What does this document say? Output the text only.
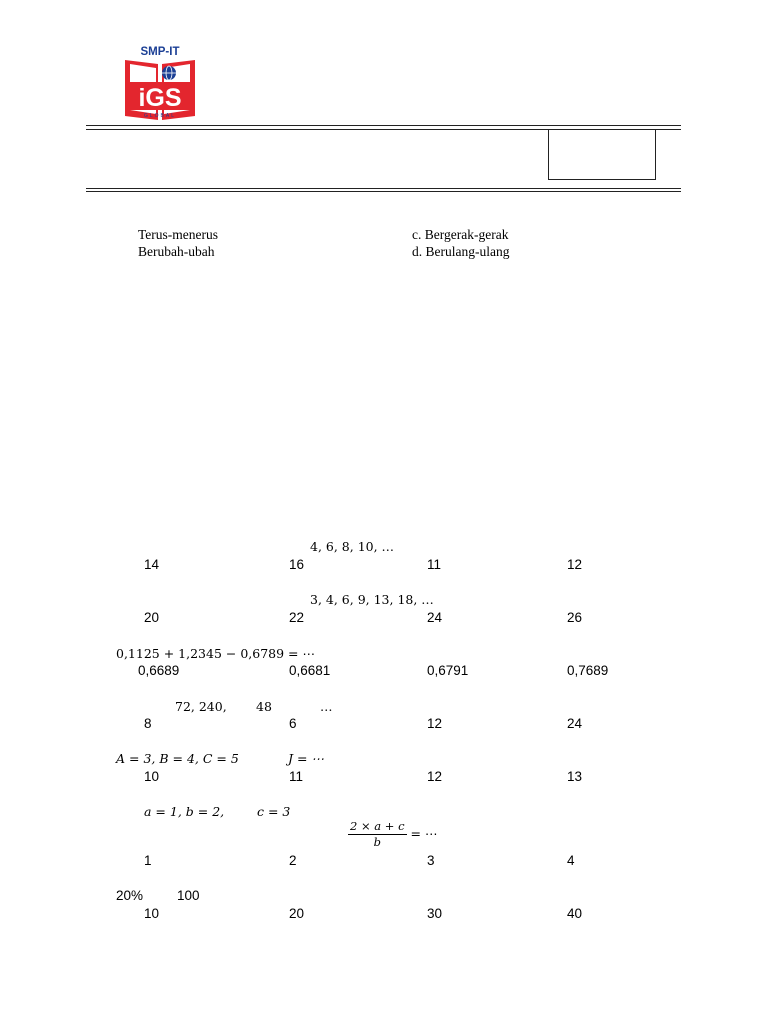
SMP-IT
iGS
GLOBAL
Terus-menerus
Berubah-ubah
c. Bergerak-gerak
d. Berulang-ulang
4, 6, 8, 10, …
14	16	11	12
3, 4, 6, 9, 13, 18, …
20	22	24	26
0,1125 + 1,2345 − 0,6789 = ⋯
0,6689	0,6681	0,6791	0,7689
72, 240, 48	…
8	6	12	24
A = 3, B = 4, C = 5	J = ⋯
10	11	12	13
a = 1, b = 2,	c = 3
$\frac{2 \times a + c}{b}$ = ⋯
1	2	3	4
20%	100
10	20	30	40
